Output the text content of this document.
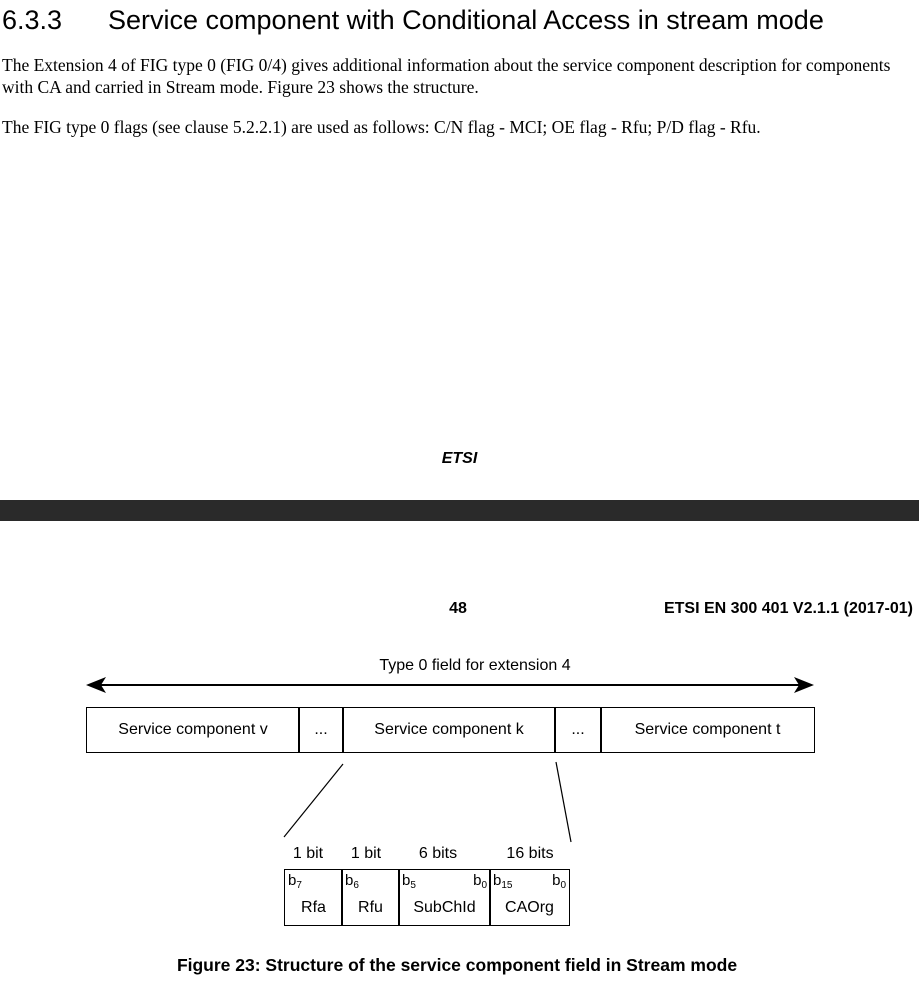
6.3.3 Service component with Conditional Access in stream mode
The Extension 4 of FIG type 0 (FIG 0/4) gives additional information about the service component description for components with CA and carried in Stream mode. Figure 23 shows the structure.
The FIG type 0 flags (see clause 5.2.2.1) are used as follows: C/N flag - MCI; OE flag - Rfu; P/D flag - Rfu.
ETSI
48	ETSI EN 300 401 V2.1.1 (2017-01)
Type 0 field for extension 4
Service component v	...	Service component k	...	Service component t
1 bit	1 bit	6 bits	16 bits
$b_7$
Rfa
$b_6$
Rfu
$b_5$	$b_0$
SubChId
$b_{15}$	$b_0$
CAOrg
Figure 23: Structure of the service component field in Stream mode
